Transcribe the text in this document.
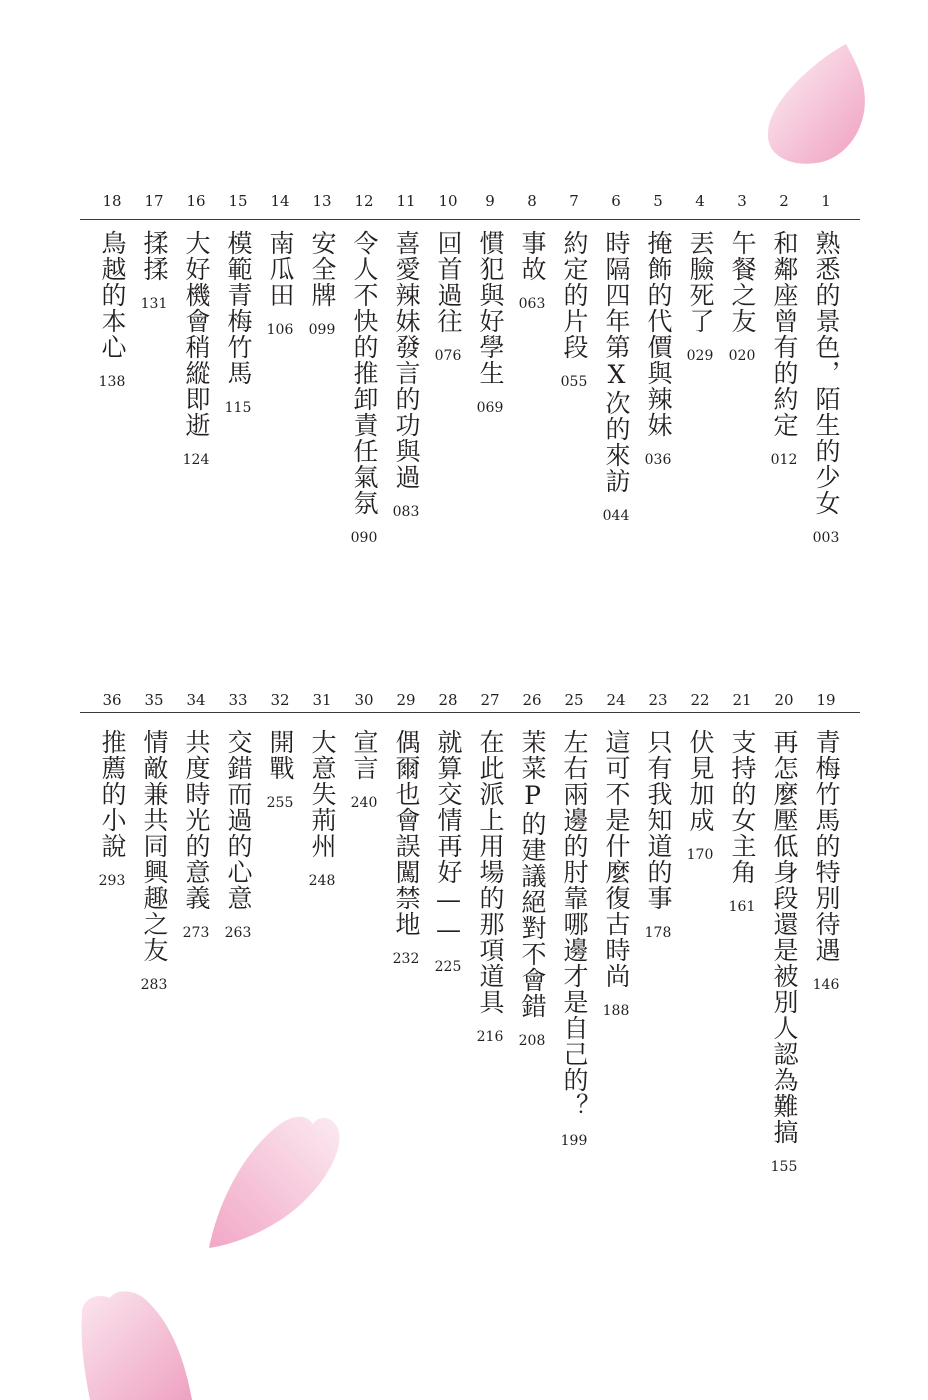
1
熟悉的景色，陌生的少女
003
2
和鄰座曾有的約定
012
3
午餐之友
020
4
丟臉死了
029
5
掩飾的代價與辣妹
036
6
時隔四年第X次的來訪
044
7
約定的片段
055
8
事故
063
9
慣犯與好學生
069
10
回首過往
076
11
喜愛辣妹發言的功與過
083
12
令人不快的推卸責任氣氛
090
13
安全牌
099
14
南瓜田
106
15
模範青梅竹馬
115
16
大好機會稍縱即逝
124
17
揉揉
131
18
鳥越的本心
138
19
青梅竹馬的特別待遇
146
20
再怎麼壓低身段還是被別人認為難搞
155
21
支持的女主角
161
22
伏見加成
170
23
只有我知道的事
178
24
這可不是什麼復古時尚
188
25
左右兩邊的肘靠哪邊才是自己的？
199
26
茉菜P的建議絕對不會錯
208
27
在此派上用場的那項道具
216
28
就算交情再好——
225
29
偶爾也會誤闖禁地
232
30
宣言
240
31
大意失荊州
248
32
開戰
255
33
交錯而過的心意
263
34
共度時光的意義
273
35
情敵兼共同興趣之友
283
36
推薦的小說
293
